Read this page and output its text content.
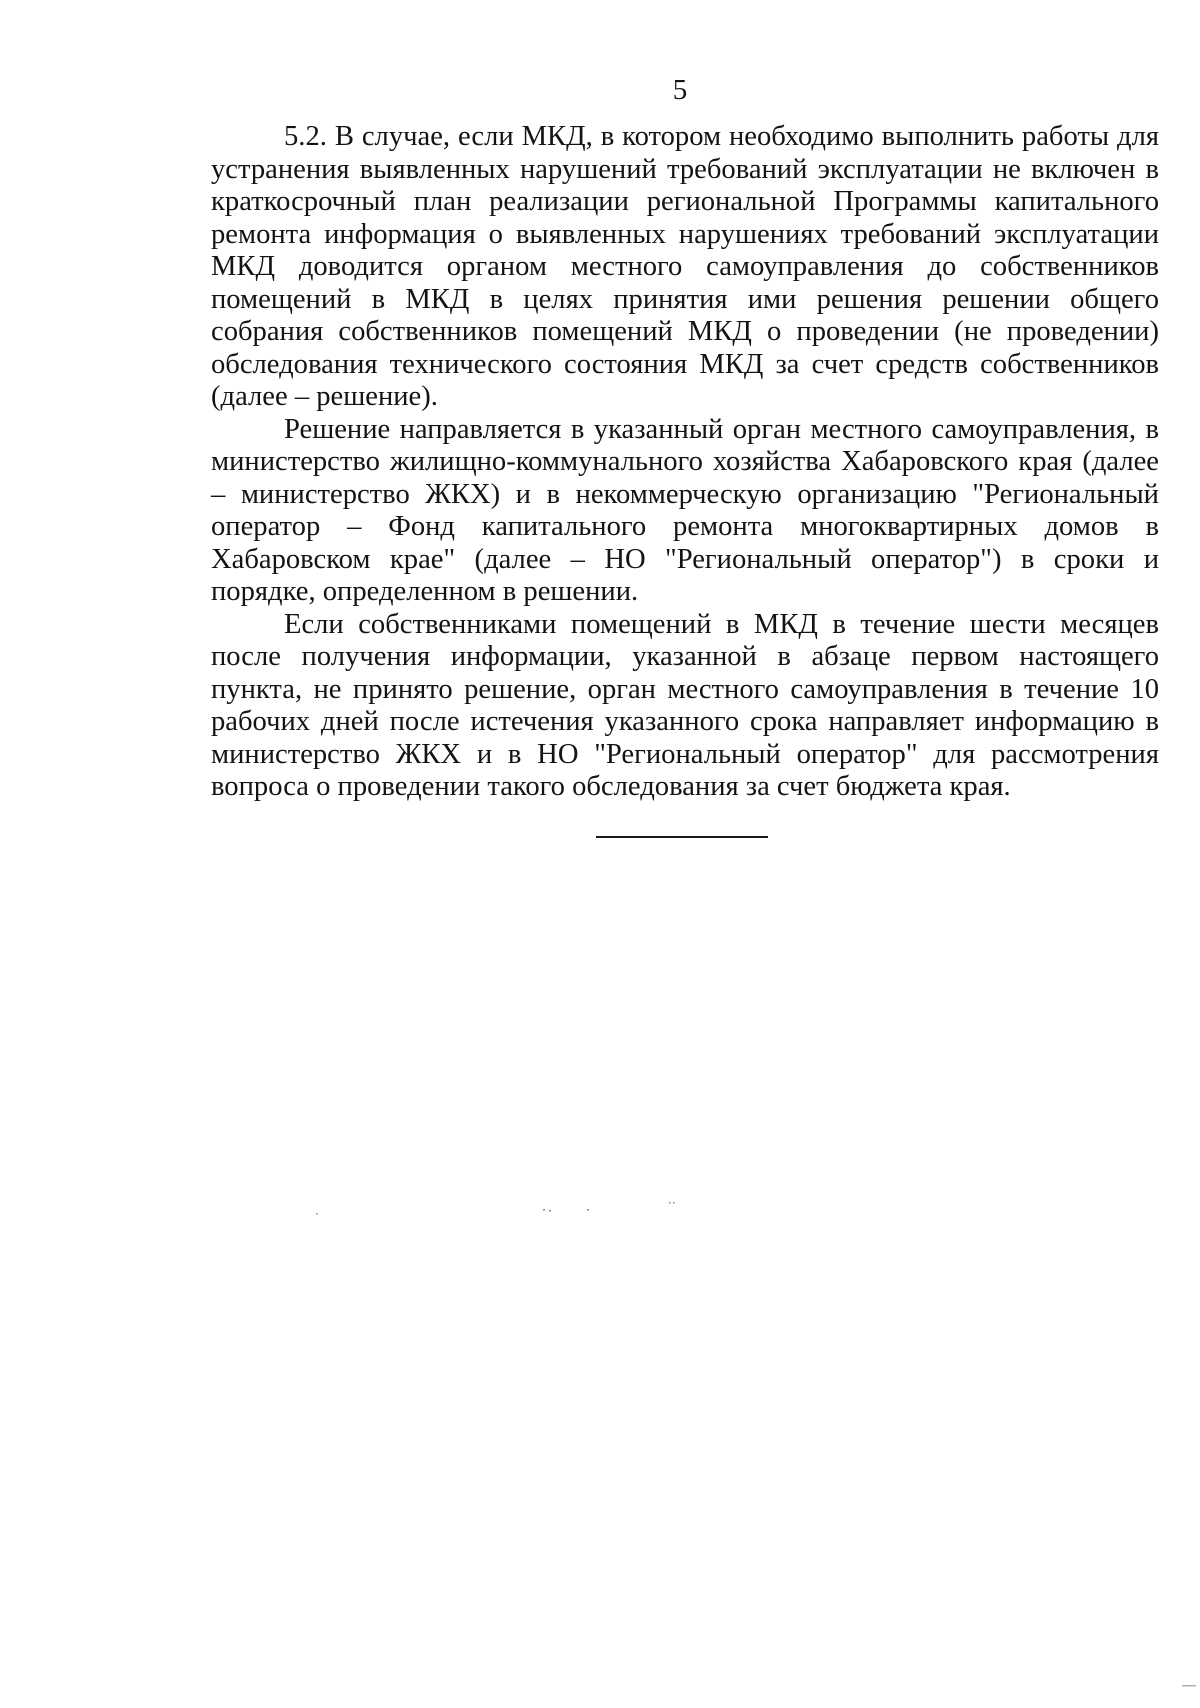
5

5.2. В случае, если МКД, в котором необходимо выполнить работы для устранения выявленных нарушений требований эксплуатации не включен в краткосрочный план реализации региональной Программы капитального ремонта информация о выявленных нарушениях требований эксплуатации МКД доводится органом местного самоуправления до собственников помещений в МКД в целях принятия ими решения решении общего собрания собственников помещений МКД о проведении (не проведении) обследования технического состояния МКД за счет средств собственников (далее – решение).

Решение направляется в указанный орган местного самоуправления, в министерство жилищно-коммунального хозяйства Хабаровского края (далее – министерство ЖКХ) и в некоммерческую организацию "Региональный оператор – Фонд капитального ремонта многоквартирных домов в Хабаровском крае" (далее – НО "Региональный оператор") в сроки и порядке, определенном в решении.

Если собственниками помещений в МКД в течение шести месяцев после получения информации, указанной в абзаце первом настоящего пункта, не принято решение, орган местного самоуправления в течение 10 рабочих дней после истечения указанного срока направляет информацию в министерство ЖКХ и в НО "Региональный оператор" для рассмотрения вопроса о проведении такого обследования за счет бюджета края.
